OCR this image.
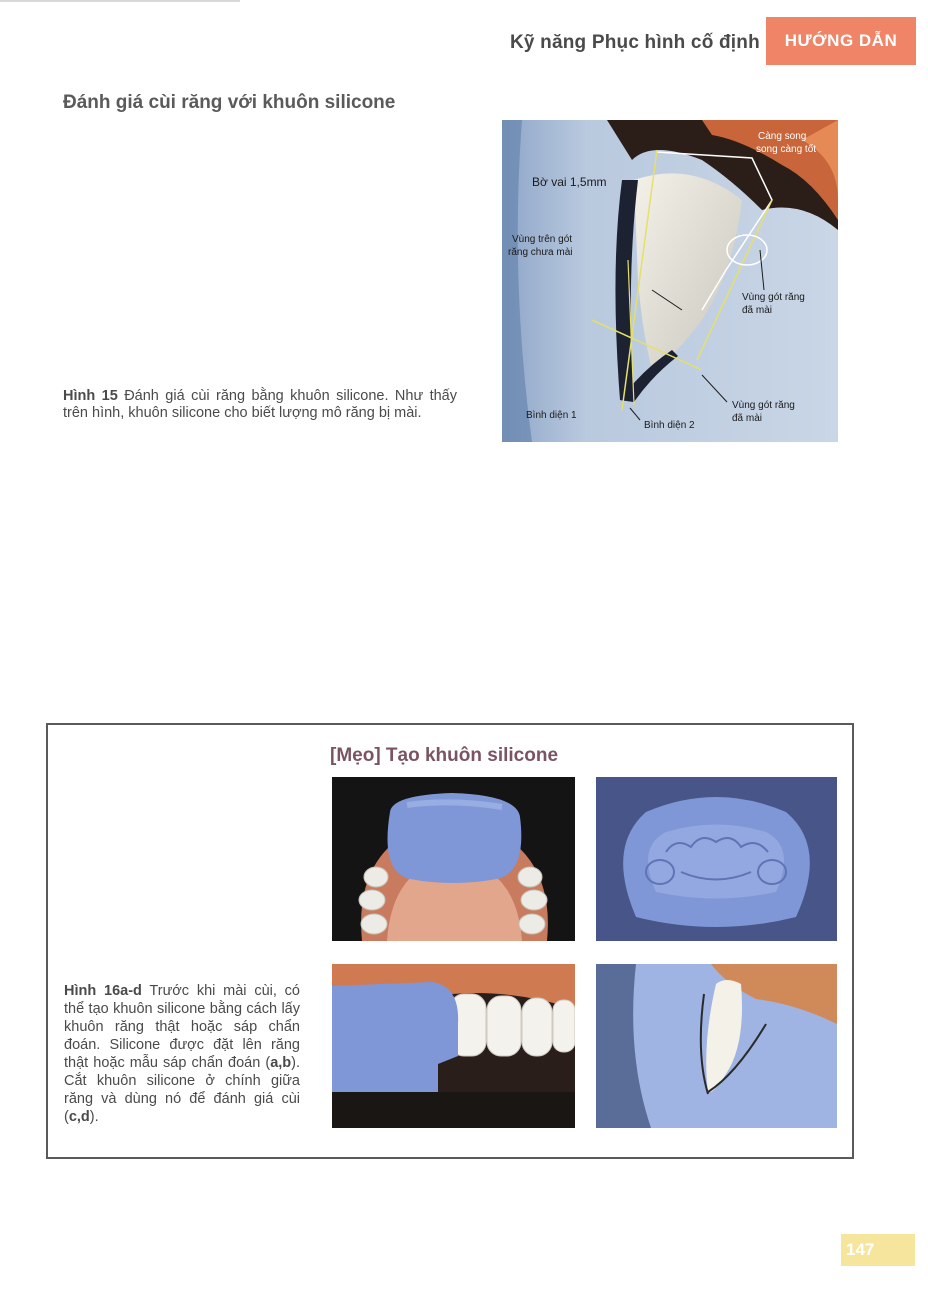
Kỹ năng Phục hình cố định	HƯỚNG DẪN
Đánh giá cùi răng với khuôn silicone
Càng song
song càng tốt
Bờ vai 1,5mm
Vùng trên gót
răng chưa mài
Vùng gót răng
đã mài
Vùng gót răng
đã mài
Bình diện 1
Bình diện 2
Hình 15 Đánh giá cùi răng bằng khuôn silicone. Như thấy trên hình, khuôn silicone cho biết lượng mô răng bị mài.
[Mẹo] Tạo khuôn silicone
Hình 16a-d Trước khi mài cùi, có thể tạo khuôn silicone bằng cách lấy khuôn răng thật hoặc sáp chẩn đoán. Silicone được đặt lên răng thật hoặc mẫu sáp chẩn đoán (a,b). Cắt khuôn silicone ở chính giữa răng và dùng nó để đánh giá cùi (c,d).
147
